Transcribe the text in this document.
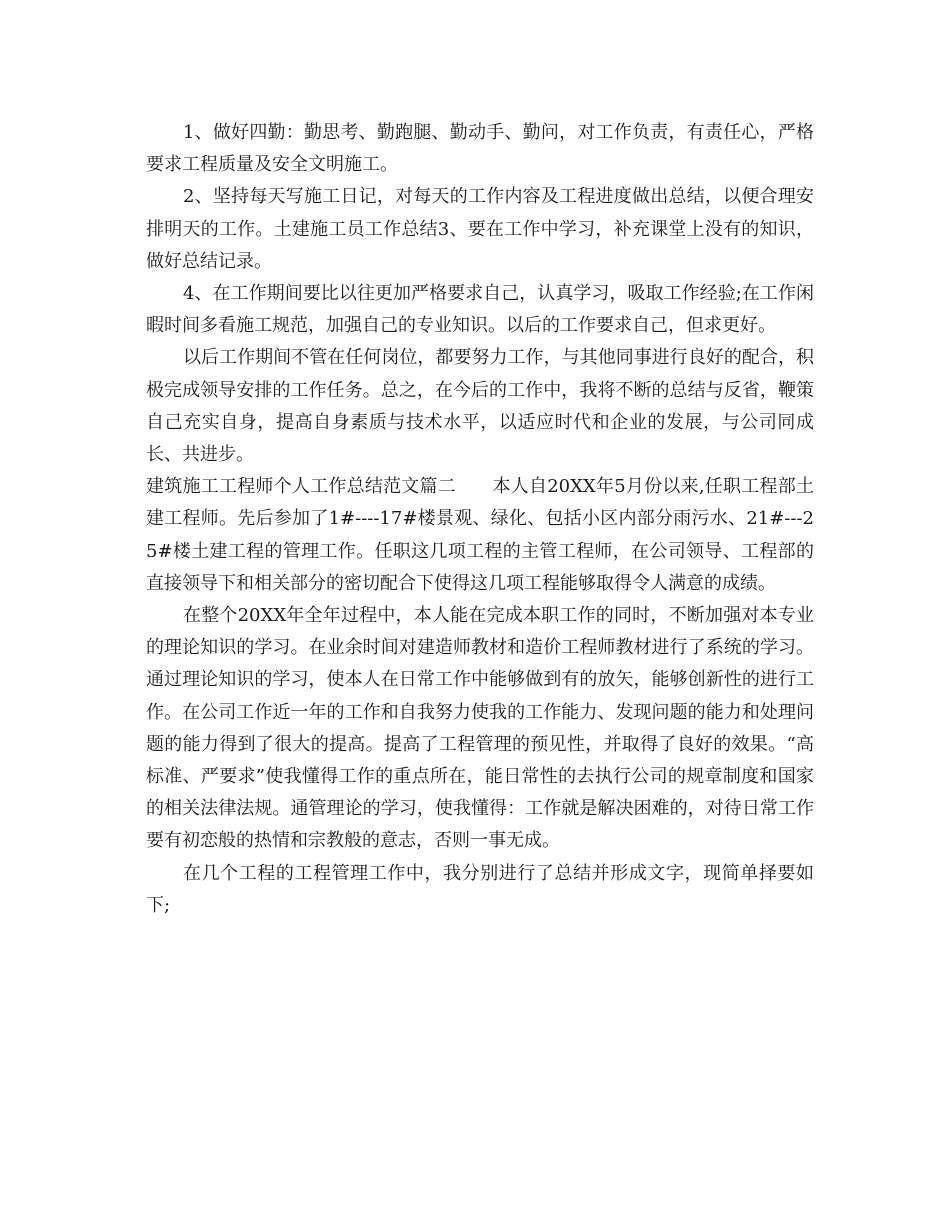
1、做好四勤：勤思考、勤跑腿、勤动手、勤问，对工作负责，有责任心，严格要求工程质量及安全文明施工。

2、坚持每天写施工日记，对每天的工作内容及工程进度做出总结，以便合理安排明天的工作。土建施工员工作总结3、要在工作中学习，补充课堂上没有的知识，做好总结记录。

4、在工作期间要比以往更加严格要求自己，认真学习，吸取工作经验;在工作闲暇时间多看施工规范，加强自己的专业知识。以后的工作要求自己，但求更好。

以后工作期间不管在任何岗位，都要努力工作，与其他同事进行良好的配合，积极完成领导安排的工作任务。总之，在今后的工作中，我将不断的总结与反省，鞭策自己充实自身，提高自身素质与技术水平，以适应时代和企业的发展，与公司同成长、共进步。

建筑施工工程师个人工作总结范文篇二　　本人自20XX年5月份以来,任职工程部土建工程师。先后参加了1#----17#楼景观、绿化、包括小区内部分雨污水、21#---25#楼土建工程的管理工作。任职这几项工程的主管工程师，在公司领导、工程部的直接领导下和相关部分的密切配合下使得这几项工程能够取得令人满意的成绩。

在整个20XX年全年过程中，本人能在完成本职工作的同时，不断加强对本专业的理论知识的学习。在业余时间对建造师教材和造价工程师教材进行了系统的学习。通过理论知识的学习，使本人在日常工作中能够做到有的放矢，能够创新性的进行工作。在公司工作近一年的工作和自我努力使我的工作能力、发现问题的能力和处理问题的能力得到了很大的提高。提高了工程管理的预见性，并取得了良好的效果。“高标准、严要求”使我懂得工作的重点所在，能日常性的去执行公司的规章制度和国家的相关法律法规。通管理论的学习，使我懂得：工作就是解决困难的，对待日常工作要有初恋般的热情和宗教般的意志，否则一事无成。

在几个工程的工程管理工作中，我分别进行了总结并形成文字，现简单择要如下;
